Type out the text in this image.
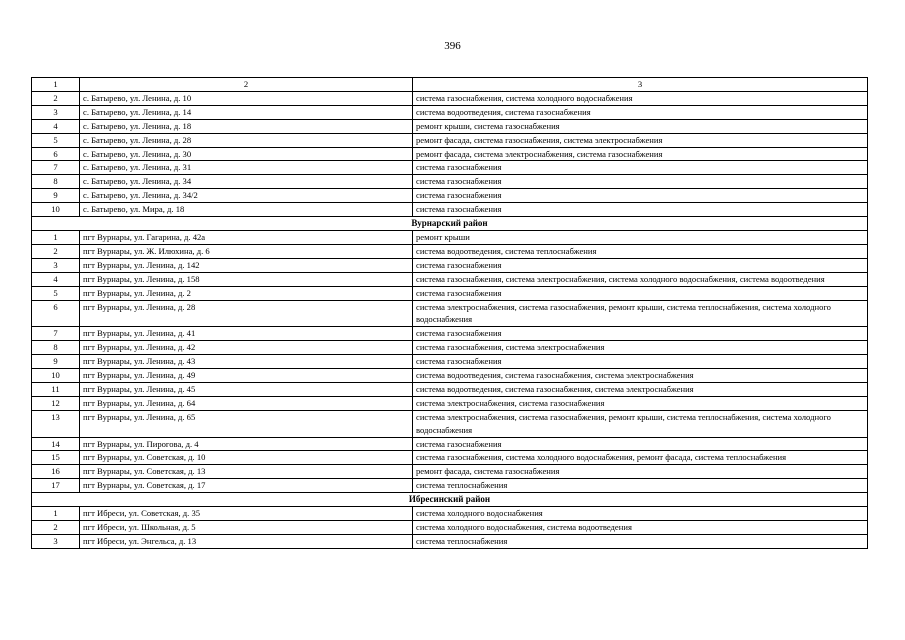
396
1	2	3
2	с. Батырево, ул. Ленина, д. 10	система газоснабжения, система холодного водоснабжения
3	с. Батырево, ул. Ленина, д. 14	система водоотведения, система газоснабжения
4	с. Батырево, ул. Ленина, д. 18	ремонт крыши, система газоснабжения
5	с. Батырево, ул. Ленина, д. 28	ремонт фасада, система газоснабжения, система электроснабжения
6	с. Батырево, ул. Ленина, д. 30	ремонт фасада, система электроснабжения, система газоснабжения
7	с. Батырево, ул. Ленина, д. 31	система газоснабжения
8	с. Батырево, ул. Ленина, д. 34	система газоснабжения
9	с. Батырево, ул. Ленина, д. 34/2	система газоснабжения
10	с. Батырево, ул. Мира, д. 18	система газоснабжения
Вурнарский район		
1	пгт Вурнары, ул. Гагарина, д. 42а	ремонт крыши
2	пгт Вурнары, ул. Ж. Илюхина, д. 6	система водоотведения, система теплоснабжения
3	пгт Вурнары, ул. Ленина, д. 142	система газоснабжения
4	пгт Вурнары, ул. Ленина, д. 158	система газоснабжения, система электроснабжения, система холодного водоснабжения, система водоотведения
5	пгт Вурнары, ул. Ленина, д. 2	система газоснабжения
6	пгт Вурнары, ул. Ленина, д. 28	система электроснабжения, система газоснабжения, ремонт крыши, система теплоснабжения, система холодного водоснабжения
7	пгт Вурнары, ул. Ленина, д. 41	система газоснабжения
8	пгт Вурнары, ул. Ленина, д. 42	система газоснабжения, система электроснабжения
9	пгт Вурнары, ул. Ленина, д. 43	система газоснабжения
10	пгт Вурнары, ул. Ленина, д. 49	система водоотведения, система газоснабжения, система электроснабжения
11	пгт Вурнары, ул. Ленина, д. 45	система водоотведения, система газоснабжения, система электроснабжения
12	пгт Вурнары, ул. Ленина, д. 64	система электроснабжения, система газоснабжения
13	пгт Вурнары, ул. Ленина, д. 65	система электроснабжения, система газоснабжения, ремонт крыши, система теплоснабжения, система холодного водоснабжения
14	пгт Вурнары, ул. Пирогова, д. 4	система газоснабжения
15	пгт Вурнары, ул. Советская, д. 10	система газоснабжения, система холодного водоснабжения, ремонт фасада, система теплоснабжения
16	пгт Вурнары, ул. Советская, д. 13	ремонт фасада, система газоснабжения
17	пгт Вурнары, ул. Советская, д. 17	система теплоснабжения
Ибресинский район		
1	пгт Ибреси, ул. Советская, д. 35	система холодного водоснабжения
2	пгт Ибреси, ул. Школьная, д. 5	система холодного водоснабжения, система водоотведения
3	пгт Ибреси, ул. Энгельса, д. 13	система теплоснабжения
